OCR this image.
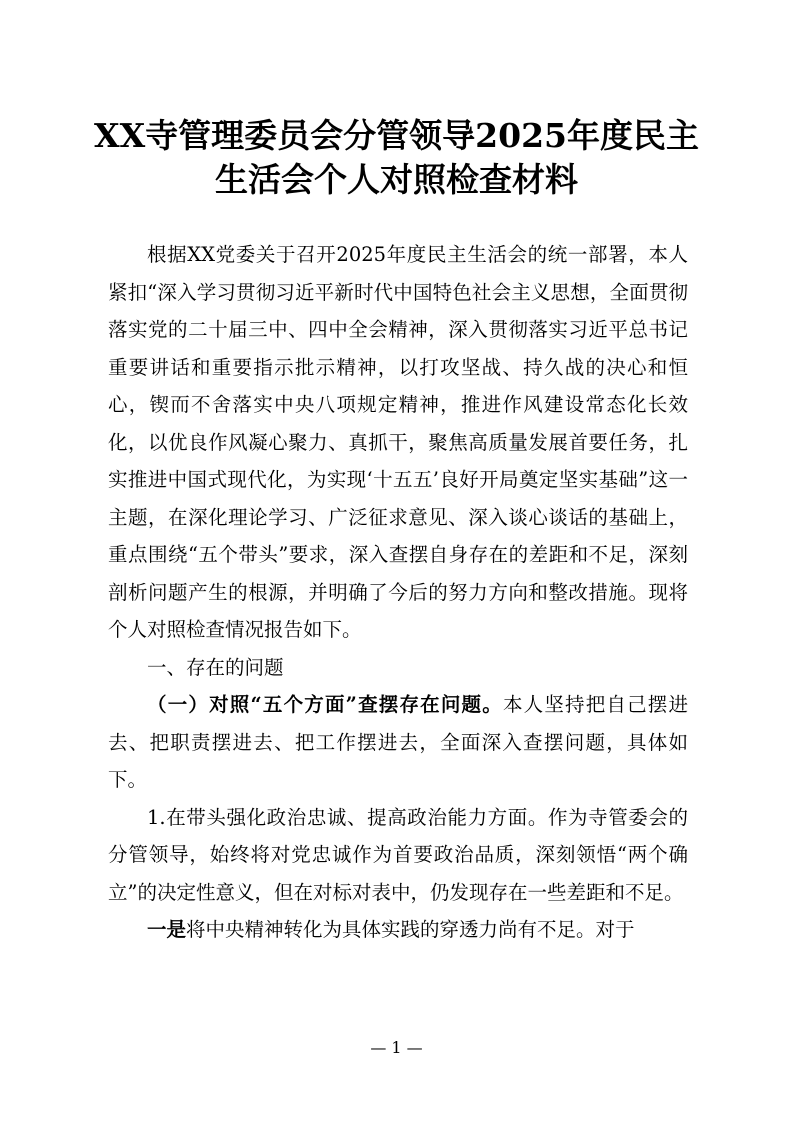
XX寺管理委员会分管领导2025年度民主
生活会个人对照检查材料

根据XX党委关于召开2025年度民主生活会的统一部署，本人紧扣“深入学习贯彻习近平新时代中国特色社会主义思想，全面贯彻落实党的二十届三中、四中全会精神，深入贯彻落实习近平总书记重要讲话和重要指示批示精神，以打攻坚战、持久战的决心和恒心，锲而不舍落实中央八项规定精神，推进作风建设常态化长效化，以优良作风凝心聚力、真抓干，聚焦高质量发展首要任务，扎实推进中国式现代化，为实现‘十五五’良好开局奠定坚实基础”这一主题，在深化理论学习、广泛征求意见、深入谈心谈话的基础上，重点围绕“五个带头”要求，深入查摆自身存在的差距和不足，深刻剖析问题产生的根源，并明确了今后的努力方向和整改措施。现将个人对照检查情况报告如下。

一、存在的问题

（一）对照“五个方面”查摆存在问题。本人坚持把自己摆进去、把职责摆进去、把工作摆进去，全面深入查摆问题，具体如下。

1.在带头强化政治忠诚、提高政治能力方面。作为寺管委会的分管领导，始终将对党忠诚作为首要政治品质，深刻领悟“两个确立”的决定性意义，但在对标对表中，仍发现存在一些差距和不足。

一是将中央精神转化为具体实践的穿透力尚有不足。对于

— 1 —
